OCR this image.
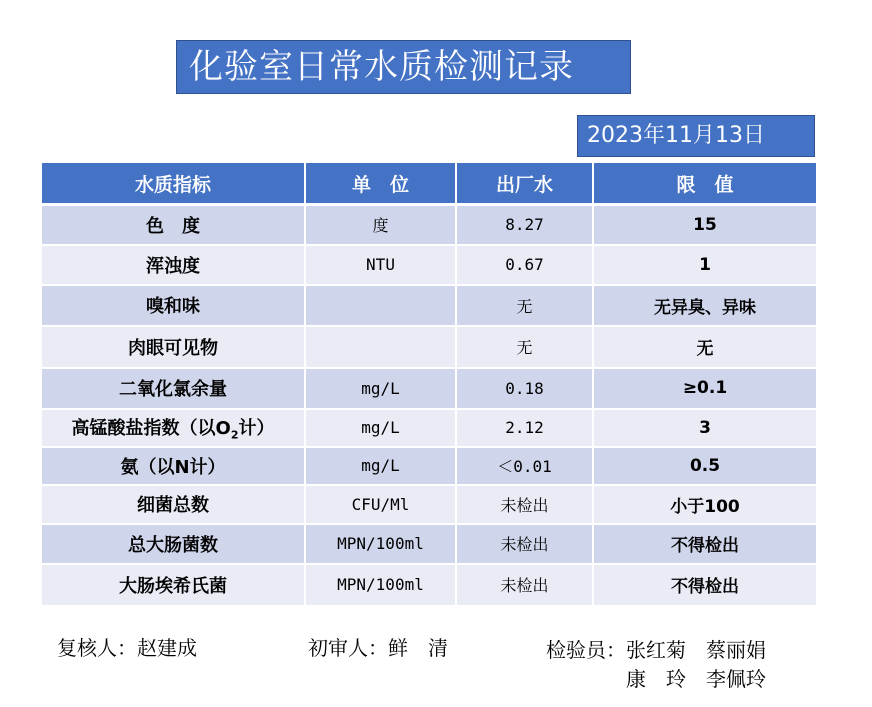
化验室日常水质检测记录
2023年11月13日
水质指标	单　位	出厂水	限　值
色　度	度	8.27	15
浑浊度	NTU	0.67	1
嗅和味		无	无异臭、异味
肉眼可见物		无	无
二氧化氯余量	mg/L	0.18	≥0.1
高锰酸盐指数（以$O_2$计）	mg/L	2.12	3
氨（以N计）	mg/L	＜0.01	0.5
细菌总数	CFU/Ml	未检出	小于100
总大肠菌数	MPN/100ml	未检出	不得检出
大肠埃希氏菌	MPN/100ml	未检出	不得检出
复核人：赵建成	初审人：鲜　清	检验员：张红菊　蔡丽娟
康　玲　李佩玲
